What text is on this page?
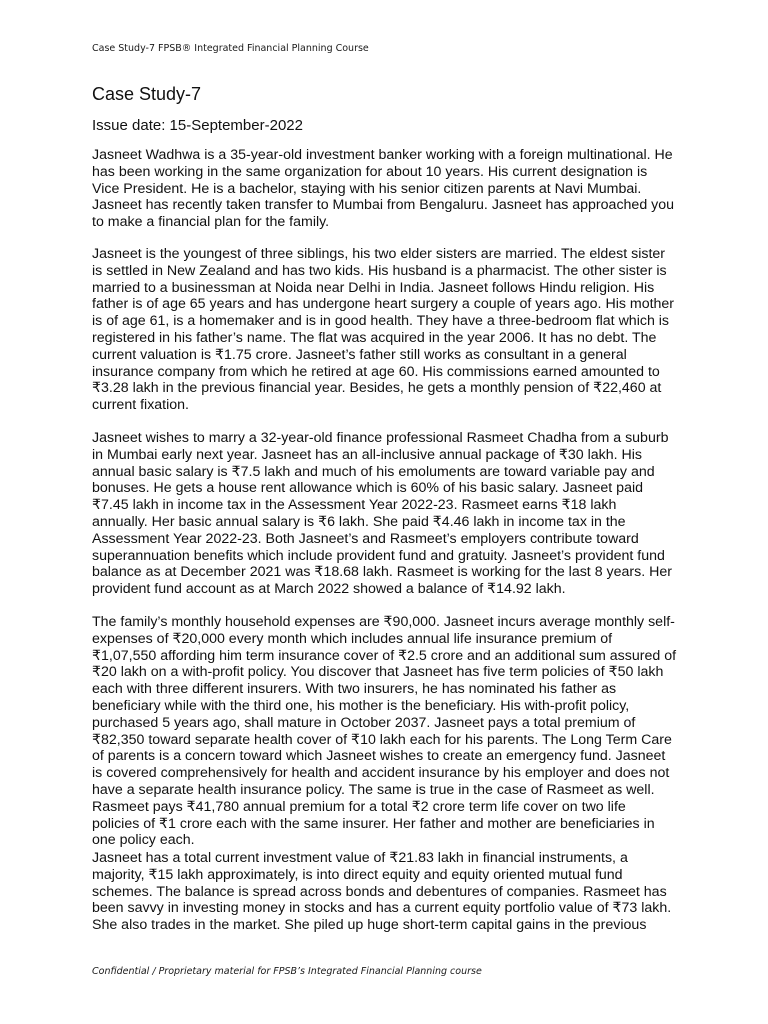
Case Study-7 FPSB® Integrated Financial Planning Course
Case Study-7
Issue date: 15-September-2022
Jasneet Wadhwa is a 35-year-old investment banker working with a foreign multinational. He
has been working in the same organization for about 10 years. His current designation is
Vice President. He is a bachelor, staying with his senior citizen parents at Navi Mumbai.
Jasneet has recently taken transfer to Mumbai from Bengaluru. Jasneet has approached you
to make a financial plan for the family.
Jasneet is the youngest of three siblings, his two elder sisters are married. The eldest sister
is settled in New Zealand and has two kids. His husband is a pharmacist. The other sister is
married to a businessman at Noida near Delhi in India. Jasneet follows Hindu religion. His
father is of age 65 years and has undergone heart surgery a couple of years ago. His mother
is of age 61, is a homemaker and is in good health. They have a three-bedroom flat which is
registered in his father’s name. The flat was acquired in the year 2006. It has no debt. The
current valuation is ₹1.75 crore. Jasneet’s father still works as consultant in a general
insurance company from which he retired at age 60. His commissions earned amounted to
₹3.28 lakh in the previous financial year. Besides, he gets a monthly pension of ₹22,460 at
current fixation.
Jasneet wishes to marry a 32-year-old finance professional Rasmeet Chadha from a suburb
in Mumbai early next year. Jasneet has an all-inclusive annual package of ₹30 lakh. His
annual basic salary is ₹7.5 lakh and much of his emoluments are toward variable pay and
bonuses. He gets a house rent allowance which is 60% of his basic salary. Jasneet paid
₹7.45 lakh in income tax in the Assessment Year 2022-23. Rasmeet earns ₹18 lakh
annually. Her basic annual salary is ₹6 lakh. She paid ₹4.46 lakh in income tax in the
Assessment Year 2022-23. Both Jasneet’s and Rasmeet’s employers contribute toward
superannuation benefits which include provident fund and gratuity. Jasneet’s provident fund
balance as at December 2021 was ₹18.68 lakh. Rasmeet is working for the last 8 years. Her
provident fund account as at March 2022 showed a balance of ₹14.92 lakh.
The family’s monthly household expenses are ₹90,000. Jasneet incurs average monthly self-
expenses of ₹20,000 every month which includes annual life insurance premium of
₹1,07,550 affording him term insurance cover of ₹2.5 crore and an additional sum assured of
₹20 lakh on a with-profit policy. You discover that Jasneet has five term policies of ₹50 lakh
each with three different insurers. With two insurers, he has nominated his father as
beneficiary while with the third one, his mother is the beneficiary. His with-profit policy,
purchased 5 years ago, shall mature in October 2037. Jasneet pays a total premium of
₹82,350 toward separate health cover of ₹10 lakh each for his parents. The Long Term Care
of parents is a concern toward which Jasneet wishes to create an emergency fund. Jasneet
is covered comprehensively for health and accident insurance by his employer and does not
have a separate health insurance policy. The same is true in the case of Rasmeet as well.
Rasmeet pays ₹41,780 annual premium for a total ₹2 crore term life cover on two life
policies of ₹1 crore each with the same insurer. Her father and mother are beneficiaries in
one policy each.
Jasneet has a total current investment value of ₹21.83 lakh in financial instruments, a
majority, ₹15 lakh approximately, is into direct equity and equity oriented mutual fund
schemes. The balance is spread across bonds and debentures of companies. Rasmeet has
been savvy in investing money in stocks and has a current equity portfolio value of ₹73 lakh.
She also trades in the market. She piled up huge short-term capital gains in the previous
Confidential / Proprietary material for FPSB’s Integrated Financial Planning course
